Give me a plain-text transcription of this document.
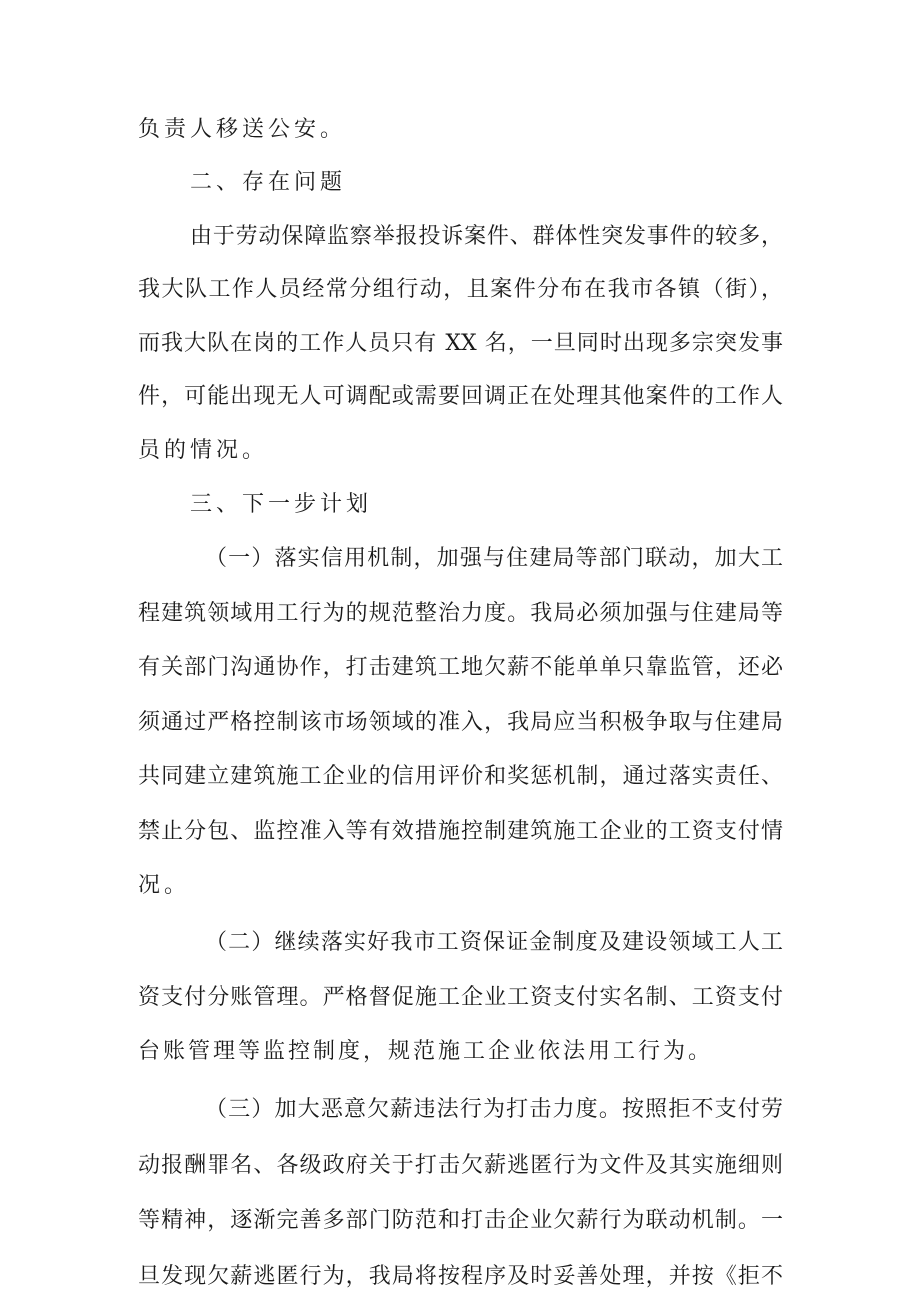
负责人移送公安。
二、存在问题
由于劳动保障监察举报投诉案件、群体性突发事件的较多，
我大队工作人员经常分组行动，且案件分布在我市各镇（街），
而我大队在岗的工作人员只有 XX 名，一旦同时出现多宗突发事
件，可能出现无人可调配或需要回调正在处理其他案件的工作人
员的情况。
三、下一步计划
（一）落实信用机制，加强与住建局等部门联动，加大工
程建筑领域用工行为的规范整治力度。我局必须加强与住建局等
有关部门沟通协作，打击建筑工地欠薪不能单单只靠监管，还必
须通过严格控制该市场领域的准入，我局应当积极争取与住建局
共同建立建筑施工企业的信用评价和奖惩机制，通过落实责任、
禁止分包、监控准入等有效措施控制建筑施工企业的工资支付情
况。
（二）继续落实好我市工资保证金制度及建设领域工人工
资支付分账管理。严格督促施工企业工资支付实名制、工资支付
台账管理等监控制度，规范施工企业依法用工行为。
（三）加大恶意欠薪违法行为打击力度。按照拒不支付劳
动报酬罪名、各级政府关于打击欠薪逃匿行为文件及其实施细则
等精神，逐渐完善多部门防范和打击企业欠薪行为联动机制。一
旦发现欠薪逃匿行为，我局将按程序及时妥善处理，并按《拒不
